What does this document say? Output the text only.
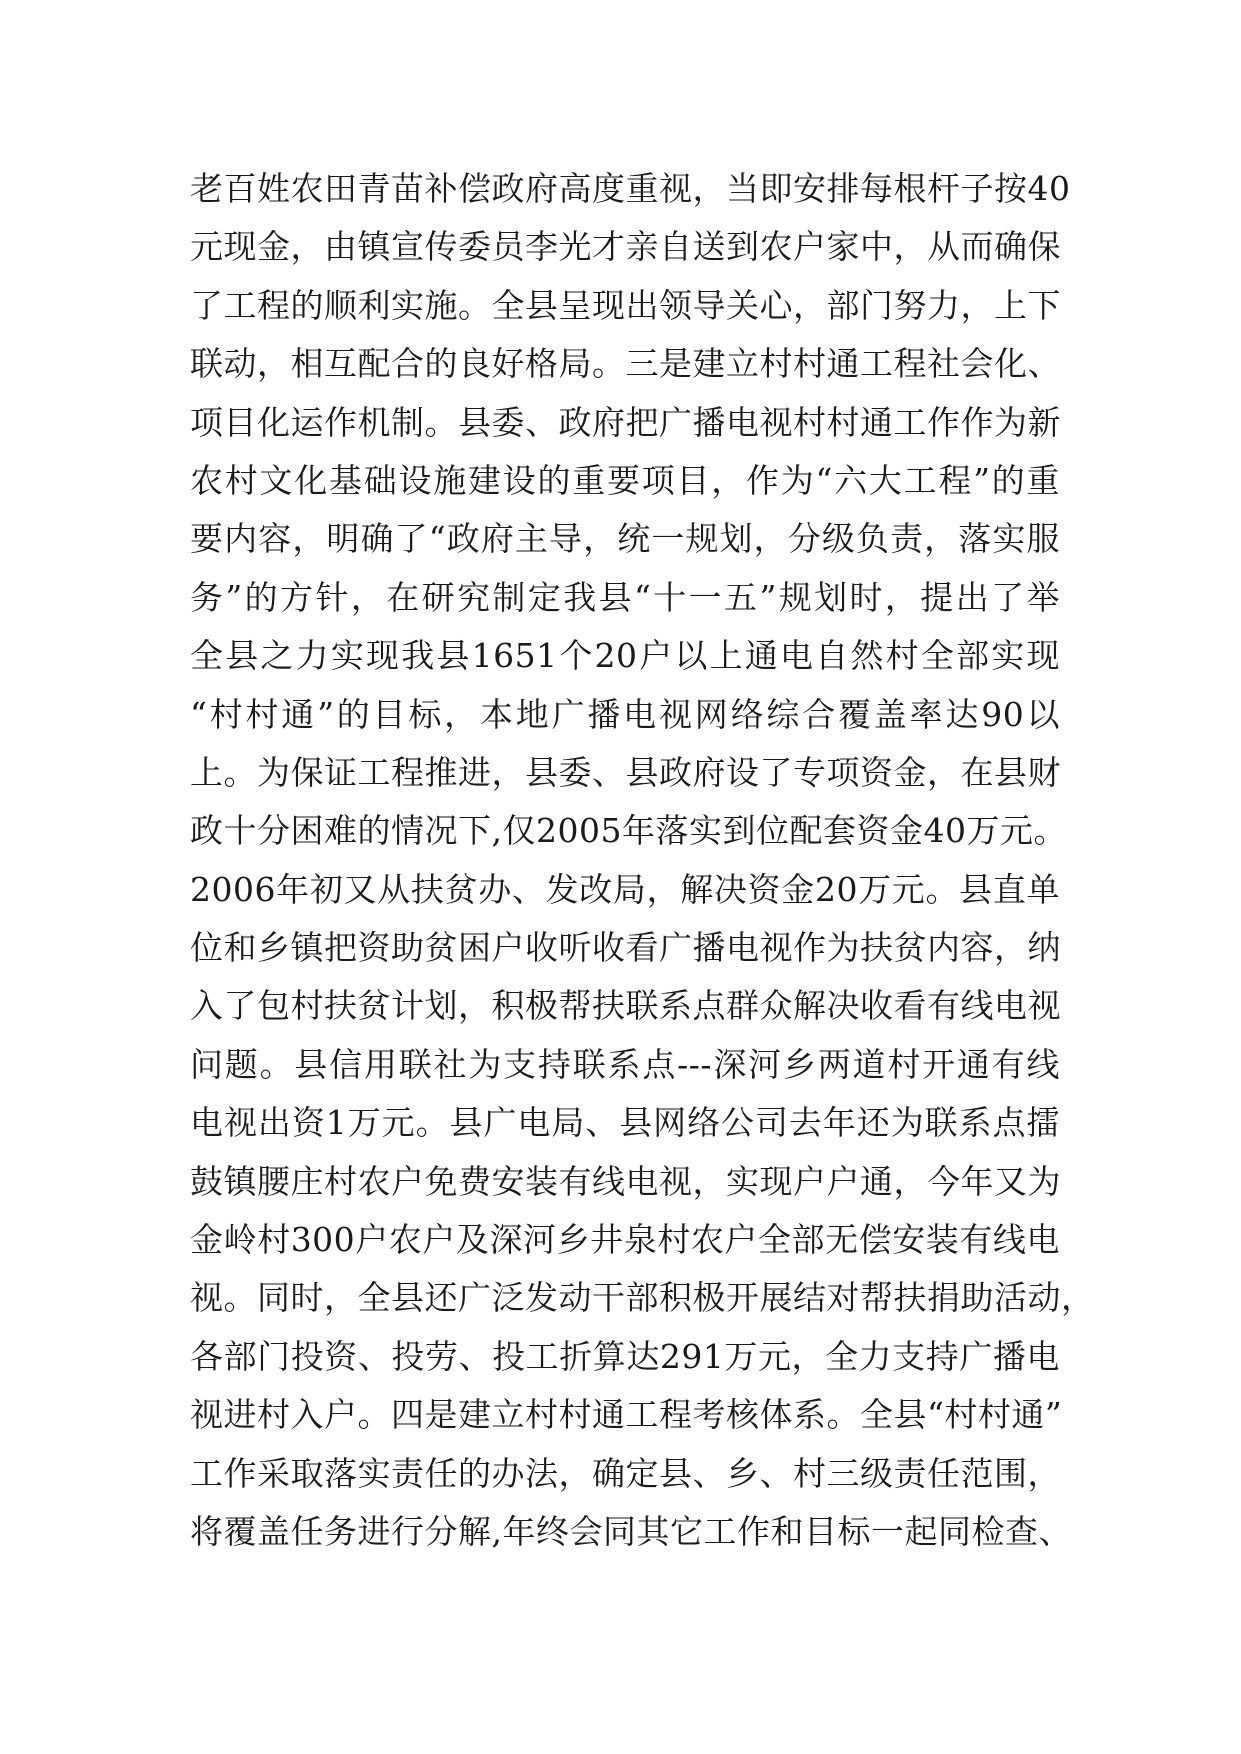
老百姓农田青苗补偿政府高度重视，当即安排每根杆子按40
元现金，由镇宣传委员李光才亲自送到农户家中，从而确保
了工程的顺利实施。全县呈现出领导关心，部门努力，上下
联动，相互配合的良好格局。三是建立村村通工程社会化、
项目化运作机制。县委、政府把广播电视村村通工作作为新
农村文化基础设施建设的重要项目，作为“六大工程”的重
要内容，明确了“政府主导，统一规划，分级负责，落实服
务”的方针，在研究制定我县“十一五”规划时，提出了举
全县之力实现我县1651个20户以上通电自然村全部实现
“村村通”的目标，本地广播电视网络综合覆盖率达90以
上。为保证工程推进，县委、县政府设了专项资金，在县财
政十分困难的情况下,仅2005年落实到位配套资金40万元。
2006年初又从扶贫办、发改局，解决资金20万元。县直单
位和乡镇把资助贫困户收听收看广播电视作为扶贫内容，纳
入了包村扶贫计划，积极帮扶联系点群众解决收看有线电视
问题。县信用联社为支持联系点---深河乡两道村开通有线
电视出资1万元。县广电局、县网络公司去年还为联系点擂
鼓镇腰庄村农户免费安装有线电视，实现户户通，今年又为
金岭村300户农户及深河乡井泉村农户全部无偿安装有线电
视。同时，全县还广泛发动干部积极开展结对帮扶捐助活动，
各部门投资、投劳、投工折算达291万元，全力支持广播电
视进村入户。四是建立村村通工程考核体系。全县“村村通”
工作采取落实责任的办法，确定县、乡、村三级责任范围，
将覆盖任务进行分解,年终会同其它工作和目标一起同检查、
